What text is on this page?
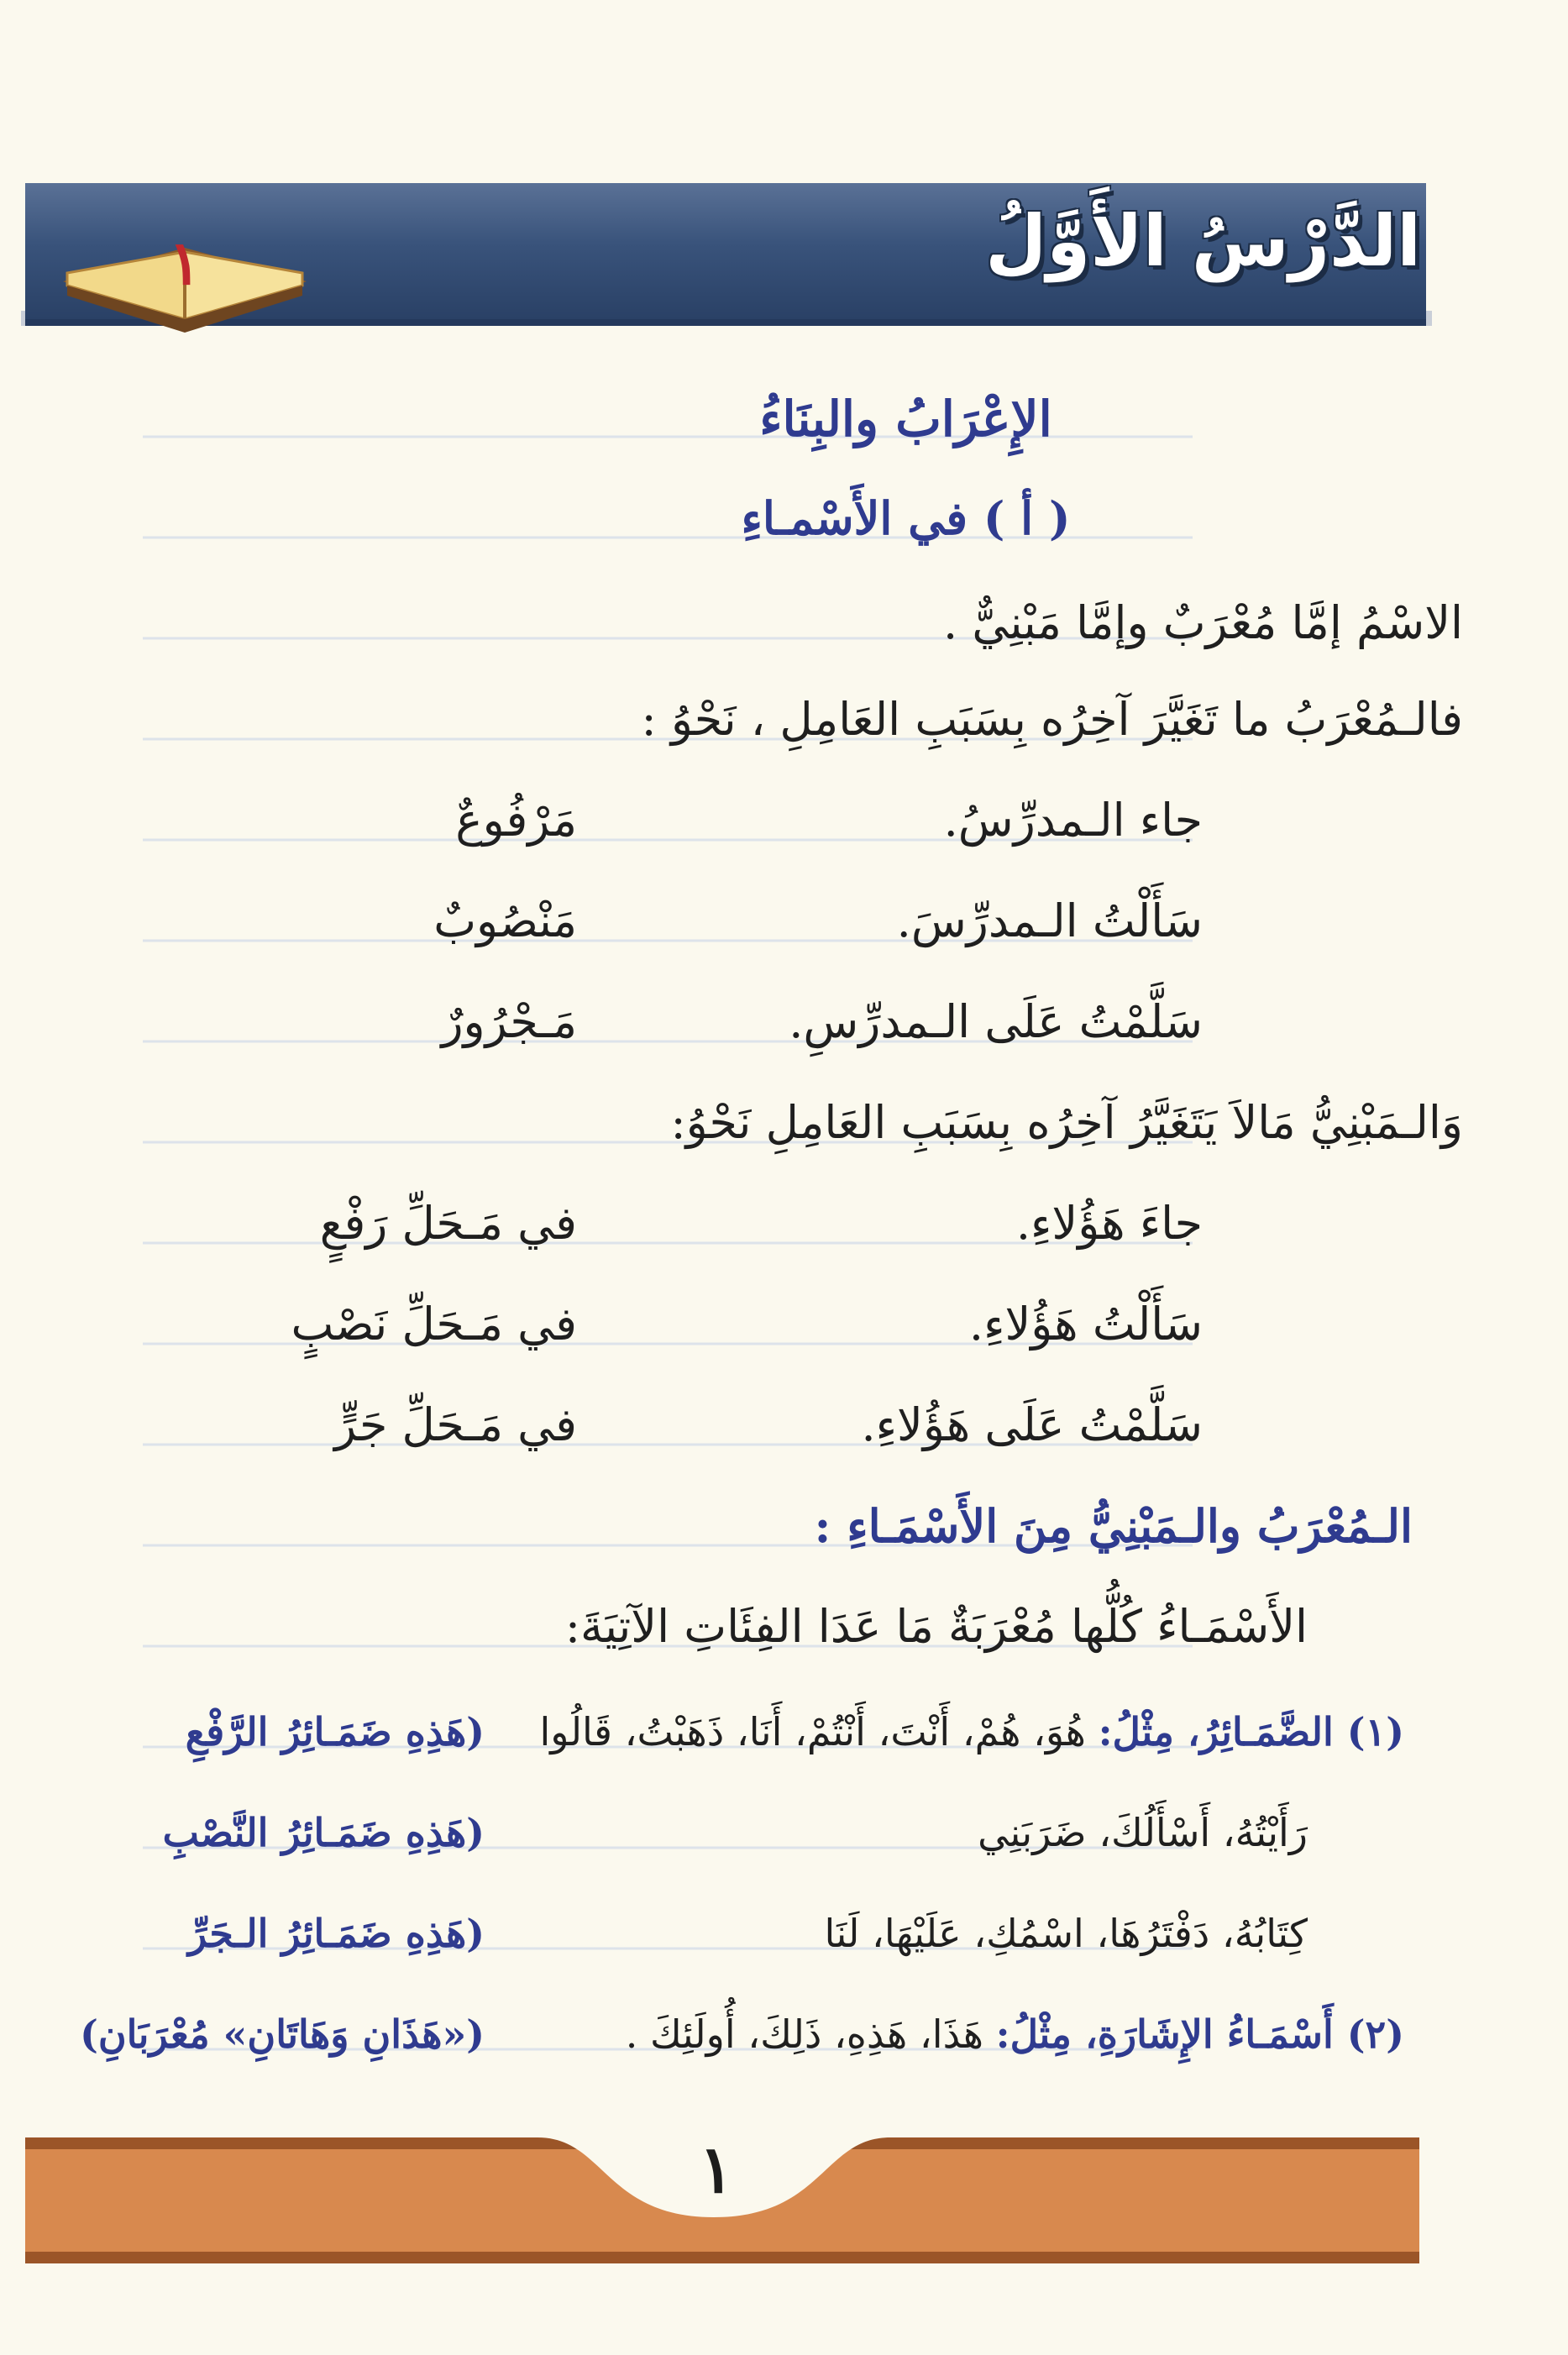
الدَّرْسُ الأَوَّلُ
١
الإِعْرَابُ والبِنَاءُ
( أ ) في الأَسْمـاءِ
الاسْمُ إمَّا مُعْرَبٌ وإمَّا مَبْنِيٌّ .
فالـمُعْرَبُ ما تَغَيَّرَ آخِرُه بِسَبَبِ العَامِلِ ، نَحْوُ :
جاء الـمدرِّسُ.
مَرْفُوعٌ
سَأَلْتُ الـمدرِّسَ.
مَنْصُوبٌ
سَلَّمْتُ عَلَى الـمدرِّسِ.
مَـجْرُورٌ
وَالـمَبْنِيُّ مَالاَ يَتَغَيَّرُ آخِرُه بِسَبَبِ العَامِلِ نَحْوُ:
جاءَ هَؤُلاءِ.
في مَـحَلِّ رَفْعٍ
سَأَلْتُ هَؤُلاءِ.
في مَـحَلِّ نَصْبٍ
سَلَّمْتُ عَلَى هَؤُلاءِ.
في مَـحَلِّ جَرٍّ
الـمُعْرَبُ والـمَبْنِيُّ مِنَ الأَسْمَـاءِ :
الأَسْمَـاءُ كُلُّها مُعْرَبَةٌ مَا عَدَا الفِئَاتِ الآتِيَةَ:
(١) الضَّمَـائِرُ، مِثْلُ: هُوَ، هُمْ، أَنْتَ، أَنْتُمْ، أَنَا، ذَهَبْتُ، قَالُوا
(هَذِهِ ضَمَـائِرُ الرَّفْعِ
رَأَيْتُهُ، أَسْأَلُكَ، ضَرَبَنِي
(هَذِهِ ضَمَـائِرُ النَّصْبِ
كِتَابُهُ، دَفْتَرُهَا، اسْمُكِ، عَلَيْهَا، لَنَا
(هَذِهِ ضَمَـائِرُ الـجَرِّ
(٢) أَسْمَـاءُ الإِشَارَةِ، مِثْلُ: هَذَا، هَذِهِ، ذَلِكَ، أُولَئِكَ .
(«هَذَانِ وَهَاتَانِ» مُعْرَبَانِ)
١
